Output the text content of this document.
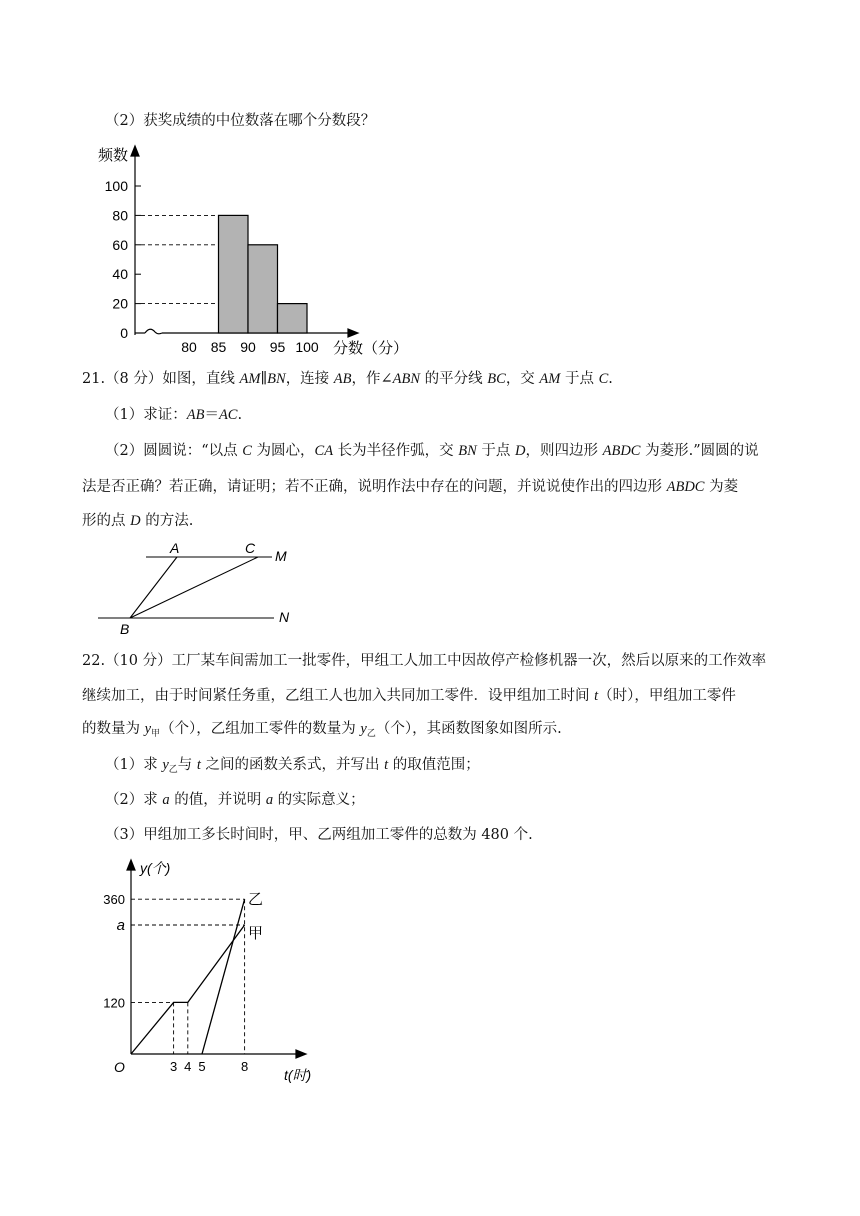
（2）获奖成绩的中位数落在哪个分数段？
0
20
40
60
80
100
80 85 90 95 100
频数
分数（分）
21.（8 分）如图，直线 AM∥BN，连接 AB，作∠ABN 的平分线 BC，交 AM 于点 C.
（1）求证：AB＝AC.
（2）圆圆说：“以点 C 为圆心，CA 长为半径作弧，交 BN 于点 D，则四边形 ABDC 为菱形.”圆圆的说
法是否正确？若正确，请证明；若不正确，说明作法中存在的问题，并说说使作出的四边形 ABDC 为菱
形的点 D 的方法.
A	C M
B
N
22.（10 分）工厂某车间需加工一批零件，甲组工人加工中因故停产检修机器一次，然后以原来的工作效率
继续加工，由于时间紧任务重，乙组工人也加入共同加工零件．设甲组加工时间 t（时），甲组加工零件
的数量为 $y_甲$（个），乙组加工零件的数量为 $y_乙$（个），其函数图象如图所示.
（1）求 $y_乙$与 t 之间的函数关系式，并写出 t 的取值范围；
（2）求 a 的值，并说明 a 的实际意义；
（3）甲组加工多长时间时，甲、乙两组加工零件的总数为 480 个.
3 4 5	8
360
a
120
y(个)
t(时)
O
乙
甲
